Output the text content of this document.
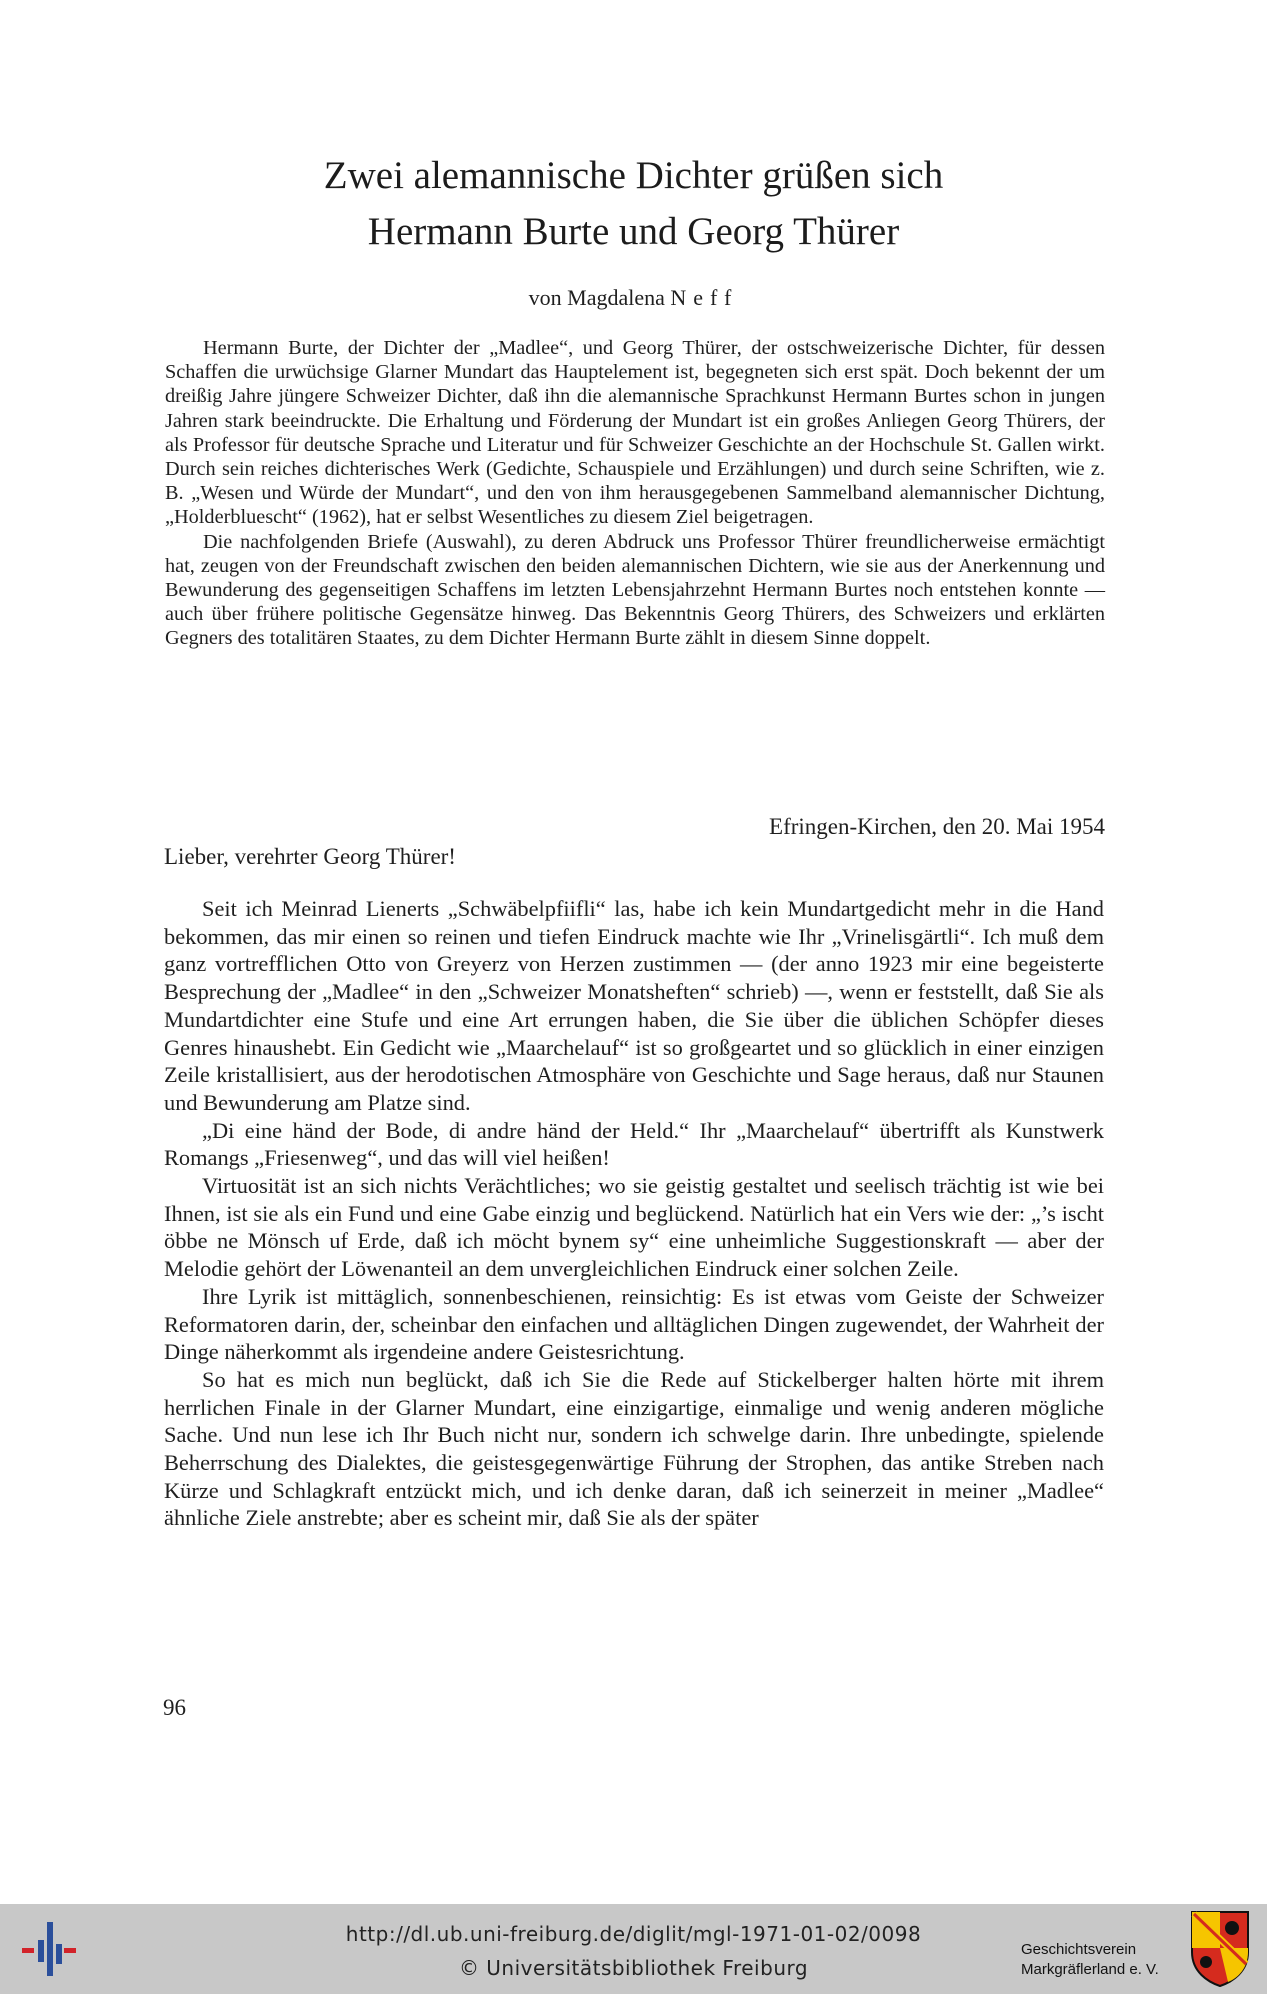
Zwei alemannische Dichter grüßen sich
Hermann Burte und Georg Thürer
von Magdalena Neff

Hermann Burte, der Dichter der „Madlee“, und Georg Thürer, der ostschweizerische Dichter, für dessen Schaffen die urwüchsige Glarner Mundart das Hauptelement ist, begegneten sich erst spät. Doch bekennt der um dreißig Jahre jüngere Schweizer Dichter, daß ihn die alemannische Sprachkunst Hermann Burtes schon in jungen Jahren stark beeindruckte. Die Erhaltung und Förderung der Mundart ist ein großes Anliegen Georg Thürers, der als Professor für deutsche Sprache und Literatur und für Schweizer Geschichte an der Hochschule St. Gallen wirkt. Durch sein reiches dichterisches Werk (Gedichte, Schauspiele und Erzählungen) und durch seine Schriften, wie z. B. „Wesen und Würde der Mundart“, und den von ihm herausgegebenen Sammelband alemannischer Dichtung, „Holderbluescht“ (1962), hat er selbst Wesentliches zu diesem Ziel beigetragen.

Die nachfolgenden Briefe (Auswahl), zu deren Abdruck uns Professor Thürer freundlicherweise ermächtigt hat, zeugen von der Freundschaft zwischen den beiden alemannischen Dichtern, wie sie aus der Anerkennung und Bewunderung des gegenseitigen Schaffens im letzten Lebensjahrzehnt Hermann Burtes noch entstehen konnte — auch über frühere politische Gegensätze hinweg. Das Bekenntnis Georg Thürers, des Schweizers und erklärten Gegners des totalitären Staates, zu dem Dichter Hermann Burte zählt in diesem Sinne doppelt.

Efringen-Kirchen, den 20. Mai 1954
Lieber, verehrter Georg Thürer!

Seit ich Meinrad Lienerts „Schwäbelpfiifli“ las, habe ich kein Mundartgedicht mehr in die Hand bekommen, das mir einen so reinen und tiefen Eindruck machte wie Ihr „Vrinelisgärtli“. Ich muß dem ganz vortrefflichen Otto von Greyerz von Herzen zustimmen — (der anno 1923 mir eine begeisterte Besprechung der „Madlee“ in den „Schweizer Monatsheften“ schrieb) —, wenn er feststellt, daß Sie als Mundartdichter eine Stufe und eine Art errungen haben, die Sie über die üblichen Schöpfer dieses Genres hinaushebt. Ein Gedicht wie „Maarchelauf“ ist so großgeartet und so glücklich in einer einzigen Zeile kristallisiert, aus der herodotischen Atmosphäre von Geschichte und Sage heraus, daß nur Staunen und Bewunderung am Platze sind.

„Di eine händ der Bode, di andre händ der Held.“ Ihr „Maarchelauf“ übertrifft als Kunstwerk Romangs „Friesenweg“, und das will viel heißen!

Virtuosität ist an sich nichts Verächtliches; wo sie geistig gestaltet und seelisch trächtig ist wie bei Ihnen, ist sie als ein Fund und eine Gabe einzig und beglückend. Natürlich hat ein Vers wie der: „’s ischt öbbe nе Mönsch uf Erde, daß ich möcht bynem sy“ eine unheimliche Suggestionskraft — aber der Melodie gehört der Löwenanteil an dem unvergleichlichen Eindruck einer solchen Zeile.

Ihre Lyrik ist mittäglich, sonnenbeschienen, reinsichtig: Es ist etwas vom Geiste der Schweizer Reformatoren darin, der, scheinbar den einfachen und alltäglichen Dingen zugewendet, der Wahrheit der Dinge näherkommt als irgendeine andere Geistesrichtung.

So hat es mich nun beglückt, daß ich Sie die Rede auf Stickelberger halten hörte mit ihrem herrlichen Finale in der Glarner Mundart, eine einzigartige, einmalige und wenig anderen mögliche Sache. Und nun lese ich Ihr Buch nicht nur, sondern ich schwelge darin. Ihre unbedingte, spielende Beherrschung des Dialektes, die geistesgegenwärtige Führung der Strophen, das antike Streben nach Kürze und Schlagkraft entzückt mich, und ich denke daran, daß ich seinerzeit in meiner „Madlee“ ähnliche Ziele anstrebte; aber es scheint mir, daß Sie als der später

96
http://dl.ub.uni-freiburg.de/diglit/mgl-1971-01-02/0098
© Universitätsbibliothek Freiburg
Geschichtsverein
Markgräflerland e. V.
